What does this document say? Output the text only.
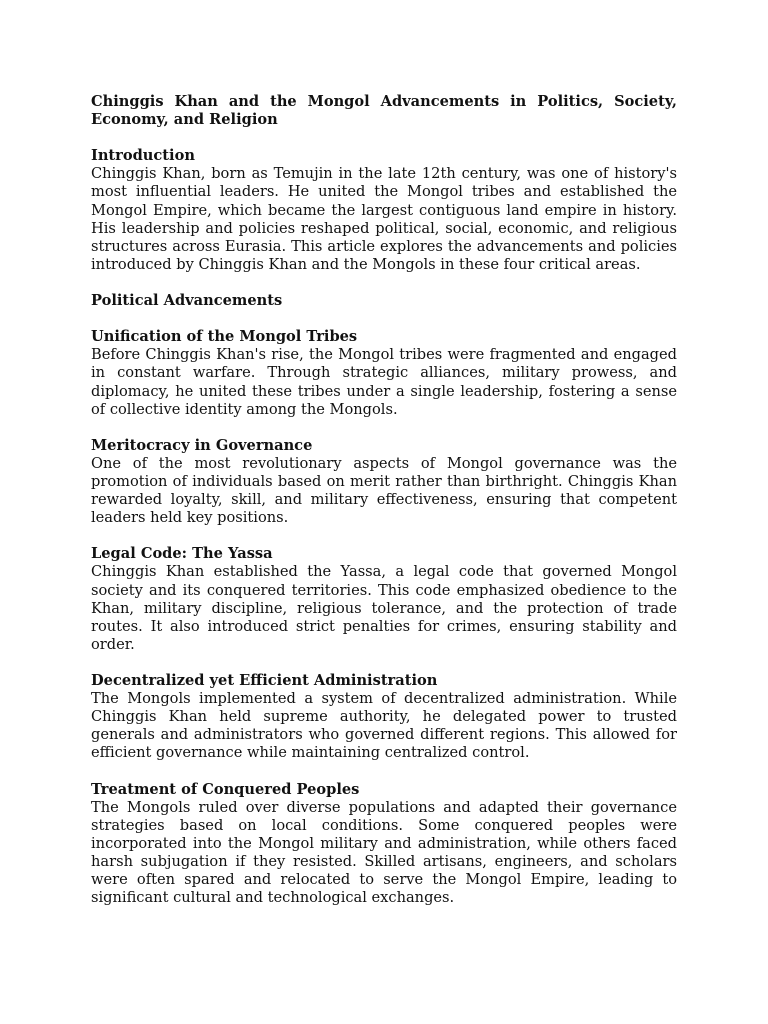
Chinggis Khan and the Mongol Advancements in Politics, Society, Economy, and Religion
Introduction
Chinggis Khan, born as Temujin in the late 12th century, was one of history's most influential leaders. He united the Mongol tribes and established the Mongol Empire, which became the largest contiguous land empire in history. His leadership and policies reshaped political, social, economic, and religious structures across Eurasia. This article explores the advancements and policies introduced by Chinggis Khan and the Mongols in these four critical areas.
Political Advancements
Unification of the Mongol Tribes
Before Chinggis Khan's rise, the Mongol tribes were fragmented and engaged in constant warfare. Through strategic alliances, military prowess, and diplomacy, he united these tribes under a single leadership, fostering a sense of collective identity among the Mongols.
Meritocracy in Governance
One of the most revolutionary aspects of Mongol governance was the promotion of individuals based on merit rather than birthright. Chinggis Khan rewarded loyalty, skill, and military effectiveness, ensuring that competent leaders held key positions.
Legal Code: The Yassa
Chinggis Khan established the Yassa, a legal code that governed Mongol society and its conquered territories. This code emphasized obedience to the Khan, military discipline, religious tolerance, and the protection of trade routes. It also introduced strict penalties for crimes, ensuring stability and order.
Decentralized yet Efficient Administration
The Mongols implemented a system of decentralized administration. While Chinggis Khan held supreme authority, he delegated power to trusted generals and administrators who governed different regions. This allowed for efficient governance while maintaining centralized control.
Treatment of Conquered Peoples
The Mongols ruled over diverse populations and adapted their governance strategies based on local conditions. Some conquered peoples were incorporated into the Mongol military and administration, while others faced harsh subjugation if they resisted. Skilled artisans, engineers, and scholars were often spared and relocated to serve the Mongol Empire, leading to significant cultural and technological exchanges.
